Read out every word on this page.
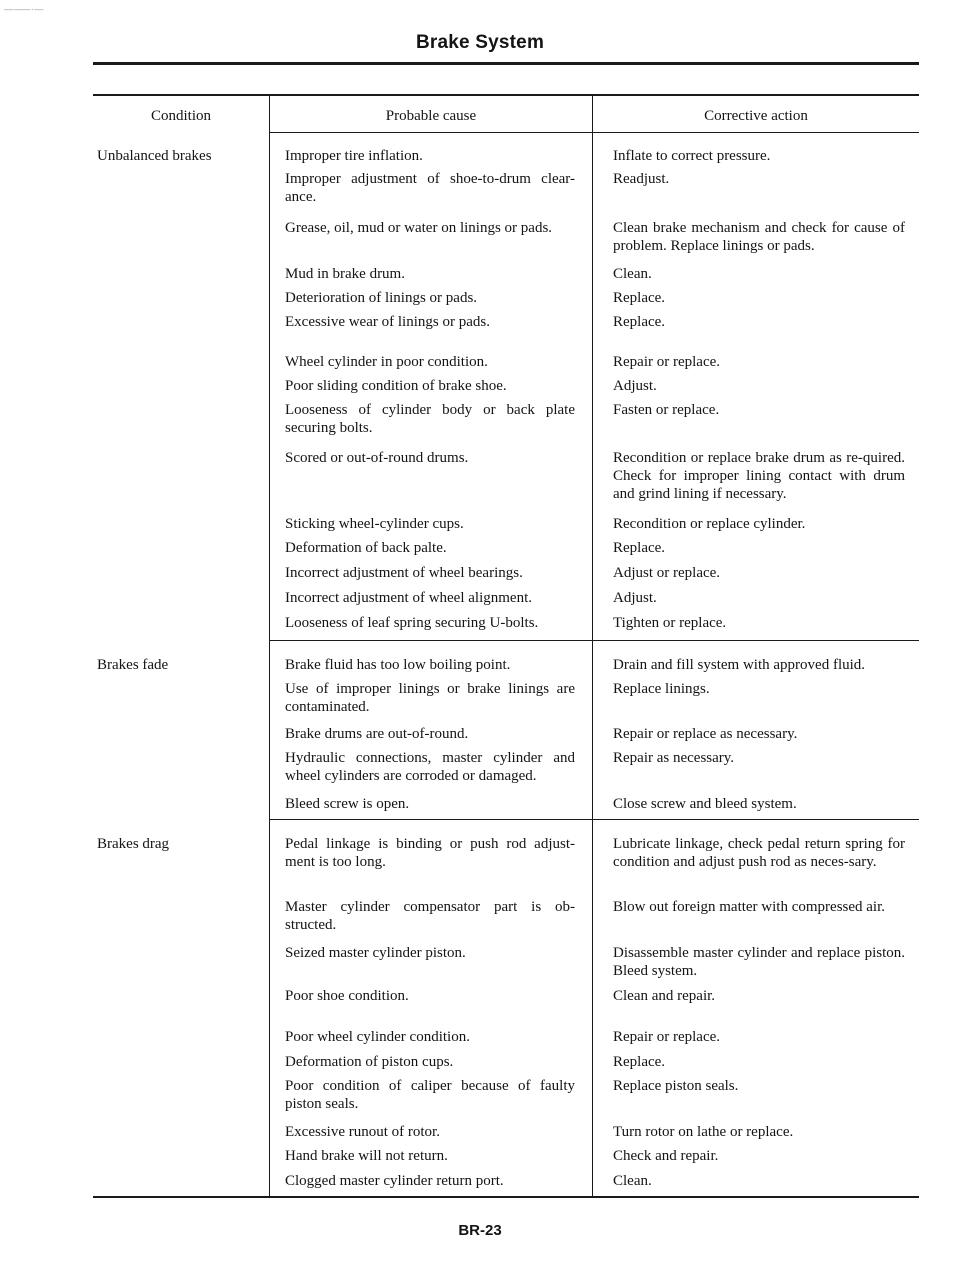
— —— · —
Brake System
Condition	Probable cause	Corrective action
Unbalanced brakes
Brakes fade
Brakes drag
Improper tire inflation.
Improper adjustment of shoe-to-drum clear-ance.
Grease, oil, mud or water on linings or pads.
Mud in brake drum.
Deterioration of linings or pads.
Excessive wear of linings or pads.
Wheel cylinder in poor condition.
Poor sliding condition of brake shoe.
Looseness of cylinder body or back plate securing bolts.
Scored or out-of-round drums.
Sticking wheel-cylinder cups.
Deformation of back palte.
Incorrect adjustment of wheel bearings.
Incorrect adjustment of wheel alignment.
Looseness of leaf spring securing U-bolts.
Brake fluid has too low boiling point.
Use of improper linings or brake linings are contaminated.
Brake drums are out-of-round.
Hydraulic connections, master cylinder and wheel cylinders are corroded or damaged.
Bleed screw is open.
Pedal linkage is binding or push rod adjust-ment is too long.
Master cylinder compensator part is ob-structed.
Seized master cylinder piston.
Poor shoe condition.
Poor wheel cylinder condition.
Deformation of piston cups.
Poor condition of caliper because of faulty piston seals.
Excessive runout of rotor.
Hand brake will not return.
Clogged master cylinder return port.
Inflate to correct pressure.
Readjust.
Clean brake mechanism and check for cause of problem. Replace linings or pads.
Clean.
Replace.
Replace.
Repair or replace.
Adjust.
Fasten or replace.
Recondition or replace brake drum as re-quired. Check for improper lining contact with drum and grind lining if necessary.
Recondition or replace cylinder.
Replace.
Adjust or replace.
Adjust.
Tighten or replace.
Drain and fill system with approved fluid.
Replace linings.
Repair or replace as necessary.
Repair as necessary.
Close screw and bleed system.
Lubricate linkage, check pedal return spring for condition and adjust push rod as neces-sary.
Blow out foreign matter with compressed air.
Disassemble master cylinder and replace piston. Bleed system.
Clean and repair.
Repair or replace.
Replace.
Replace piston seals.
Turn rotor on lathe or replace.
Check and repair.
Clean.
BR-23
